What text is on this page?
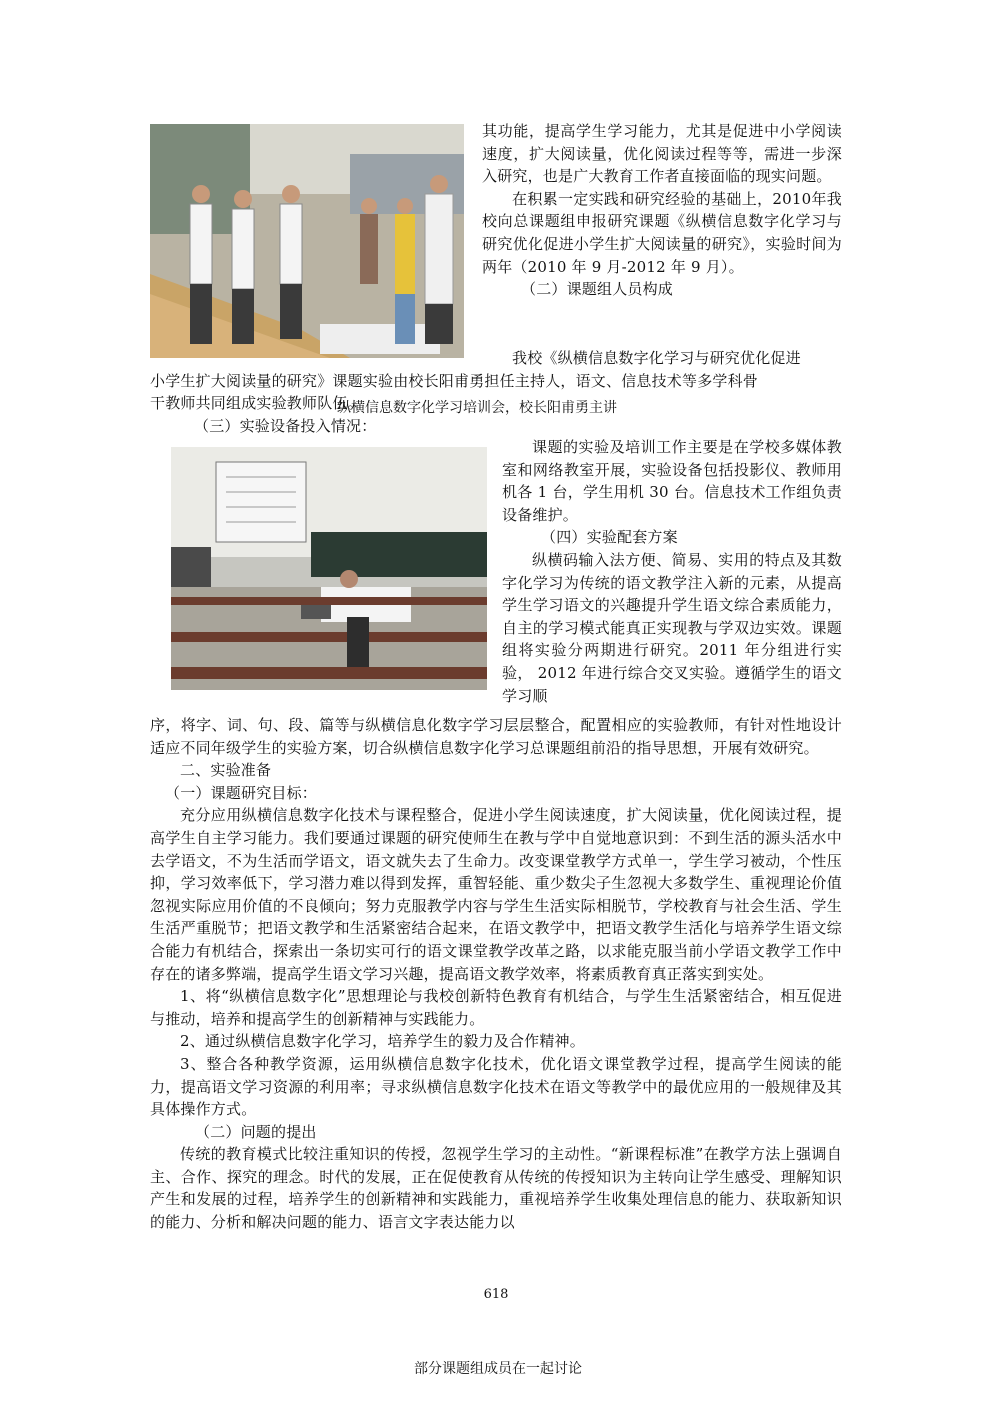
其功能，提高学生学习能力，尤其是促进中小学阅读速度，扩大阅读量，优化阅读过程等等，需进一步深入研究，也是广大教育工作者直接面临的现实问题。

在积累一定实践和研究经验的基础上，2010年我校向总课题组申报研究课题《纵横信息数字化学习与研究优化促进小学生扩大阅读量的研究》，实验时间为两年（2010 年 9 月-2012 年 9 月）。

（二）课题组人员构成

我校《纵横信息数字化学习与研究优化促进

小学生扩大阅读量的研究》课题实验由校长阳甫勇担任主持人，语文、信息技术等多学科骨

干教师共同组成实验教师队伍。

纵横信息数字化学习培训会，校长阳甫勇主讲
（三）实验设备投入情况：

课题的实验及培训工作主要是在学校多媒体教室和网络教室开展，实验设备包括投影仪、教师用机各 1 台，学生用机 30 台。信息技术工作组负责设备维护。

（四）实验配套方案

纵横码输入法方便、简易、实用的特点及其数字化学习为传统的语文教学注入新的元素，从提高学生学习语文的兴趣提升学生语文综合素质能力，自主的学习模式能真正实现教与学双边实效。课题组将实验分两期进行研究。2011 年分组进行实验， 2012 年进行综合交叉实验。遵循学生的语文学习顺

序，将字、词、句、段、篇等与纵横信息化数字学习层层整合，配置相应的实验教师，有针对性地设计适应不同年级学生的实验方案，切合纵横信息数字化学习总课题组前沿的指导思想，开展有效研究。

二、实验准备

（一）课题研究目标：

充分应用纵横信息数字化技术与课程整合，促进小学生阅读速度，扩大阅读量，优化阅读过程，提高学生自主学习能力。我们要通过课题的研究使师生在教与学中自觉地意识到：不到生活的源头活水中去学语文，不为生活而学语文，语文就失去了生命力。改变课堂教学方式单一，学生学习被动，个性压抑，学习效率低下，学习潜力难以得到发挥，重智轻能、重少数尖子生忽视大多数学生、重视理论价值忽视实际应用价值的不良倾向；努力克服教学内容与学生生活实际相脱节，学校教育与社会生活、学生生活严重脱节；把语文教学和生活紧密结合起来，在语文教学中，把语文教学生活化与培养学生语文综合能力有机结合，探索出一条切实可行的语文课堂教学改革之路，以求能克服当前小学语文教学工作中存在的诸多弊端，提高学生语文学习兴趣，提高语文教学效率，将素质教育真正落实到实处。

1、将“纵横信息数字化”思想理论与我校创新特色教育有机结合，与学生生活紧密结合，相互促进与推动，培养和提高学生的创新精神与实践能力。

2、通过纵横信息数字化学习，培养学生的毅力及合作精神。

3、整合各种教学资源，运用纵横信息数字化技术，优化语文课堂教学过程，提高学生阅读的能力，提高语文学习资源的利用率；寻求纵横信息数字化技术在语文等教学中的最优应用的一般规律及其具体操作方式。

（二）问题的提出

传统的教育模式比较注重知识的传授，忽视学生学习的主动性。“新课程标准”在教学方法上强调自主、合作、探究的理念。时代的发展，正在促使教育从传统的传授知识为主转向让学生感受、理解知识产生和发展的过程，培养学生的创新精神和实践能力，重视培养学生收集处理信息的能力、获取新知识的能力、分析和解决问题的能力、语言文字表达能力以

618
部分课题组成员在一起讨论
